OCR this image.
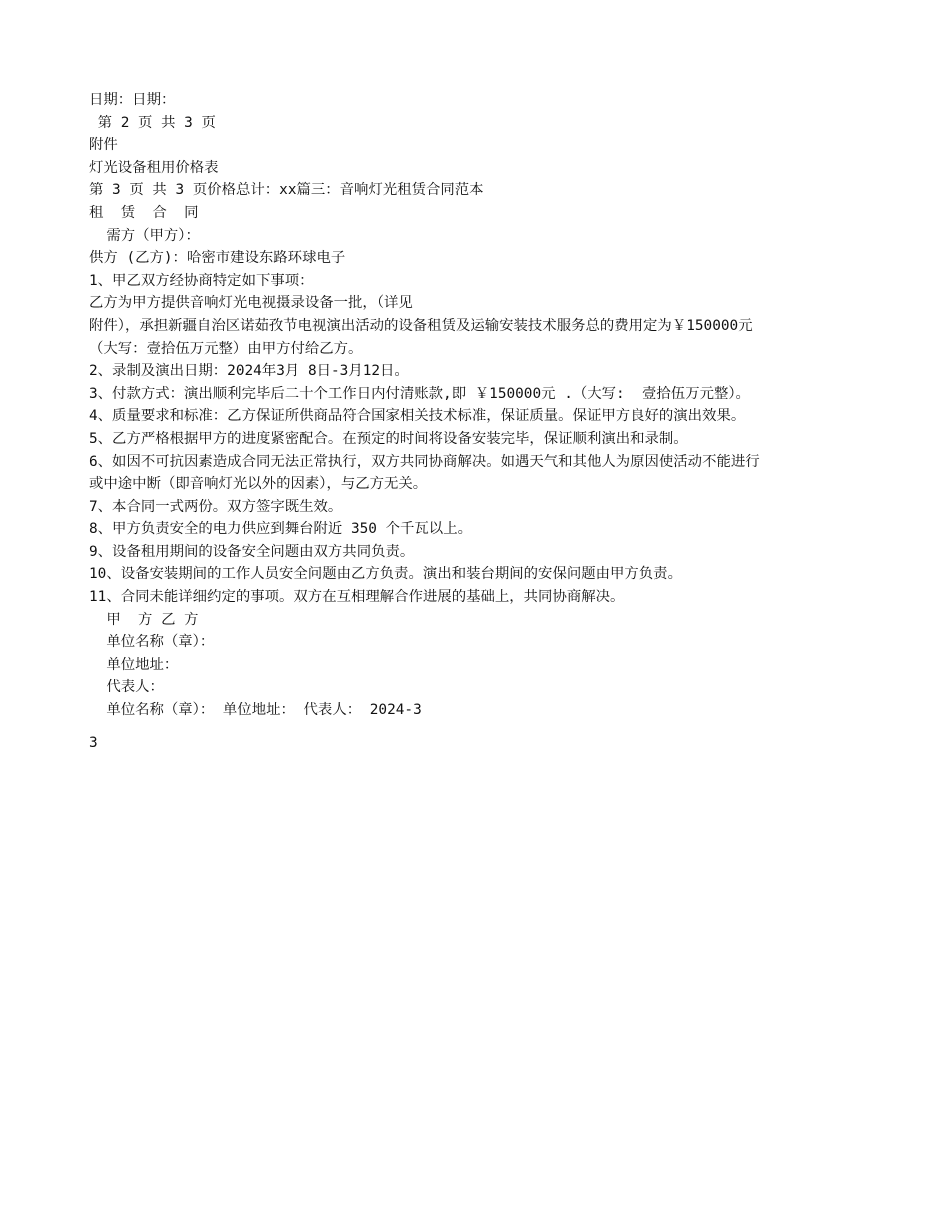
日期：日期：
第 2 页 共 3 页
附件
灯光设备租用价格表
第 3 页 共 3 页价格总计：xx篇三：音响灯光租赁合同范本
租  赁  合  同
需方（甲方）：
供方 (乙方)：哈密市建设东路环球电子
1、甲乙双方经协商特定如下事项：
乙方为甲方提供音响灯光电视摄录设备一批，（详见
附件），承担新疆自治区诺茹孜节电视演出活动的设备租赁及运输安装技术服务总的费用定为￥150000元
（大写：壹拾伍万元整）由甲方付给乙方。
2、录制及演出日期：2024年3月 8日-3月12日。
3、付款方式：演出顺利完毕后二十个工作日内付清账款,即 ￥150000元 .（大写:  壹拾伍万元整）。
4、质量要求和标准：乙方保证所供商品符合国家相关技术标准，保证质量。保证甲方良好的演出效果。
5、乙方严格根据甲方的进度紧密配合。在预定的时间将设备安装完毕，保证顺利演出和录制。
6、如因不可抗因素造成合同无法正常执行，双方共同协商解决。如遇天气和其他人为原因使活动不能进行
或中途中断（即音响灯光以外的因素），与乙方无关。
7、本合同一式两份。双方签字既生效。
8、甲方负责安全的电力供应到舞台附近 350 个千瓦以上。
9、设备租用期间的设备安全问题由双方共同负责。
10、设备安装期间的工作人员安全问题由乙方负责。演出和装台期间的安保问题由甲方负责。
11、合同未能详细约定的事项。双方在互相理解合作进展的基础上，共同协商解决。
甲  方 乙 方
单位名称（章）：
单位地址：
代表人：
单位名称（章）： 单位地址： 代表人： 2024-3
3
